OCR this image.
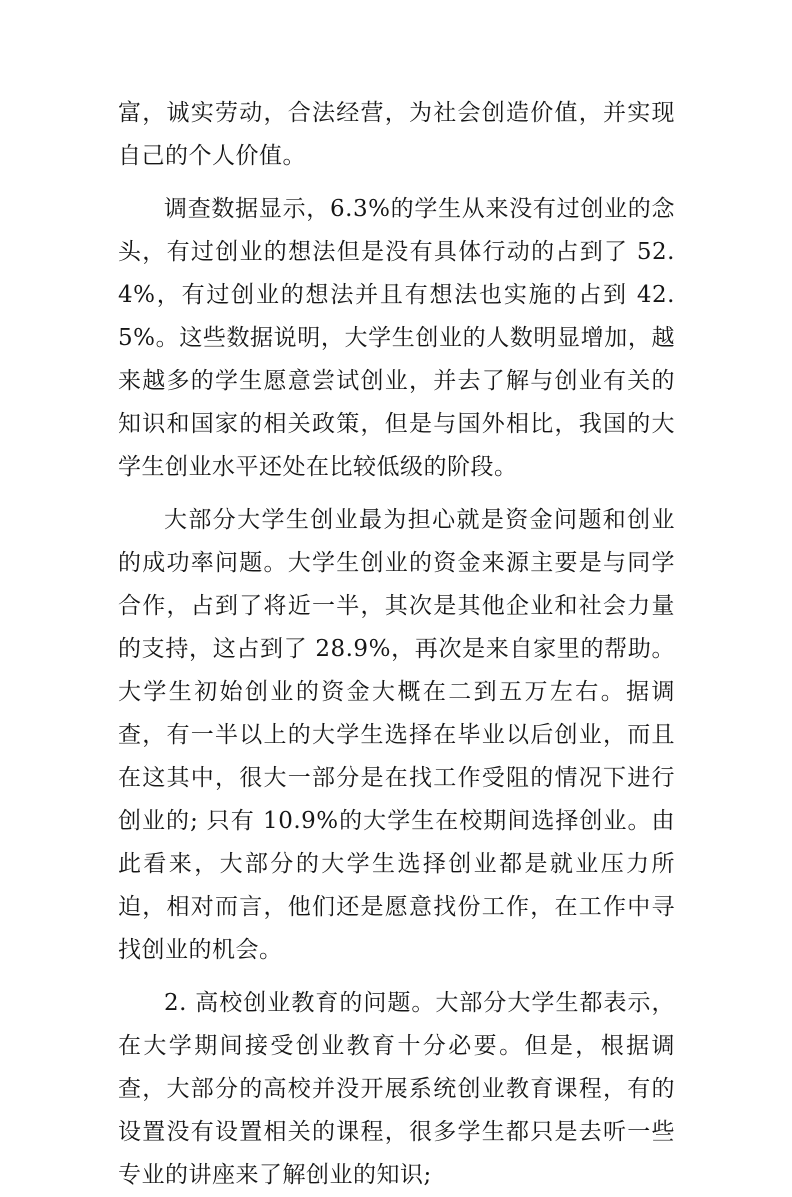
富，诚实劳动，合法经营，为社会创造价值，并实现自己的个人价值。

调查数据显示，6.3%的学生从来没有过创业的念头，有过创业的想法但是没有具体行动的占到了 52.4%，有过创业的想法并且有想法也实施的占到 42.5%。这些数据说明，大学生创业的人数明显增加，越来越多的学生愿意尝试创业，并去了解与创业有关的知识和国家的相关政策，但是与国外相比，我国的大学生创业水平还处在比较低级的阶段。

大部分大学生创业最为担心就是资金问题和创业的成功率问题。大学生创业的资金来源主要是与同学合作，占到了将近一半，其次是其他企业和社会力量的支持，这占到了 28.9%，再次是来自家里的帮助。大学生初始创业的资金大概在二到五万左右。据调查，有一半以上的大学生选择在毕业以后创业，而且在这其中，很大一部分是在找工作受阻的情况下进行创业的; 只有 10.9%的大学生在校期间选择创业。由此看来，大部分的大学生选择创业都是就业压力所迫，相对而言，他们还是愿意找份工作，在工作中寻找创业的机会。

2. 高校创业教育的问题。大部分大学生都表示，在大学期间接受创业教育十分必要。但是，根据调查，大部分的高校并没开展系统创业教育课程，有的设置没有设置相关的课程，很多学生都只是去听一些专业的讲座来了解创业的知识;
